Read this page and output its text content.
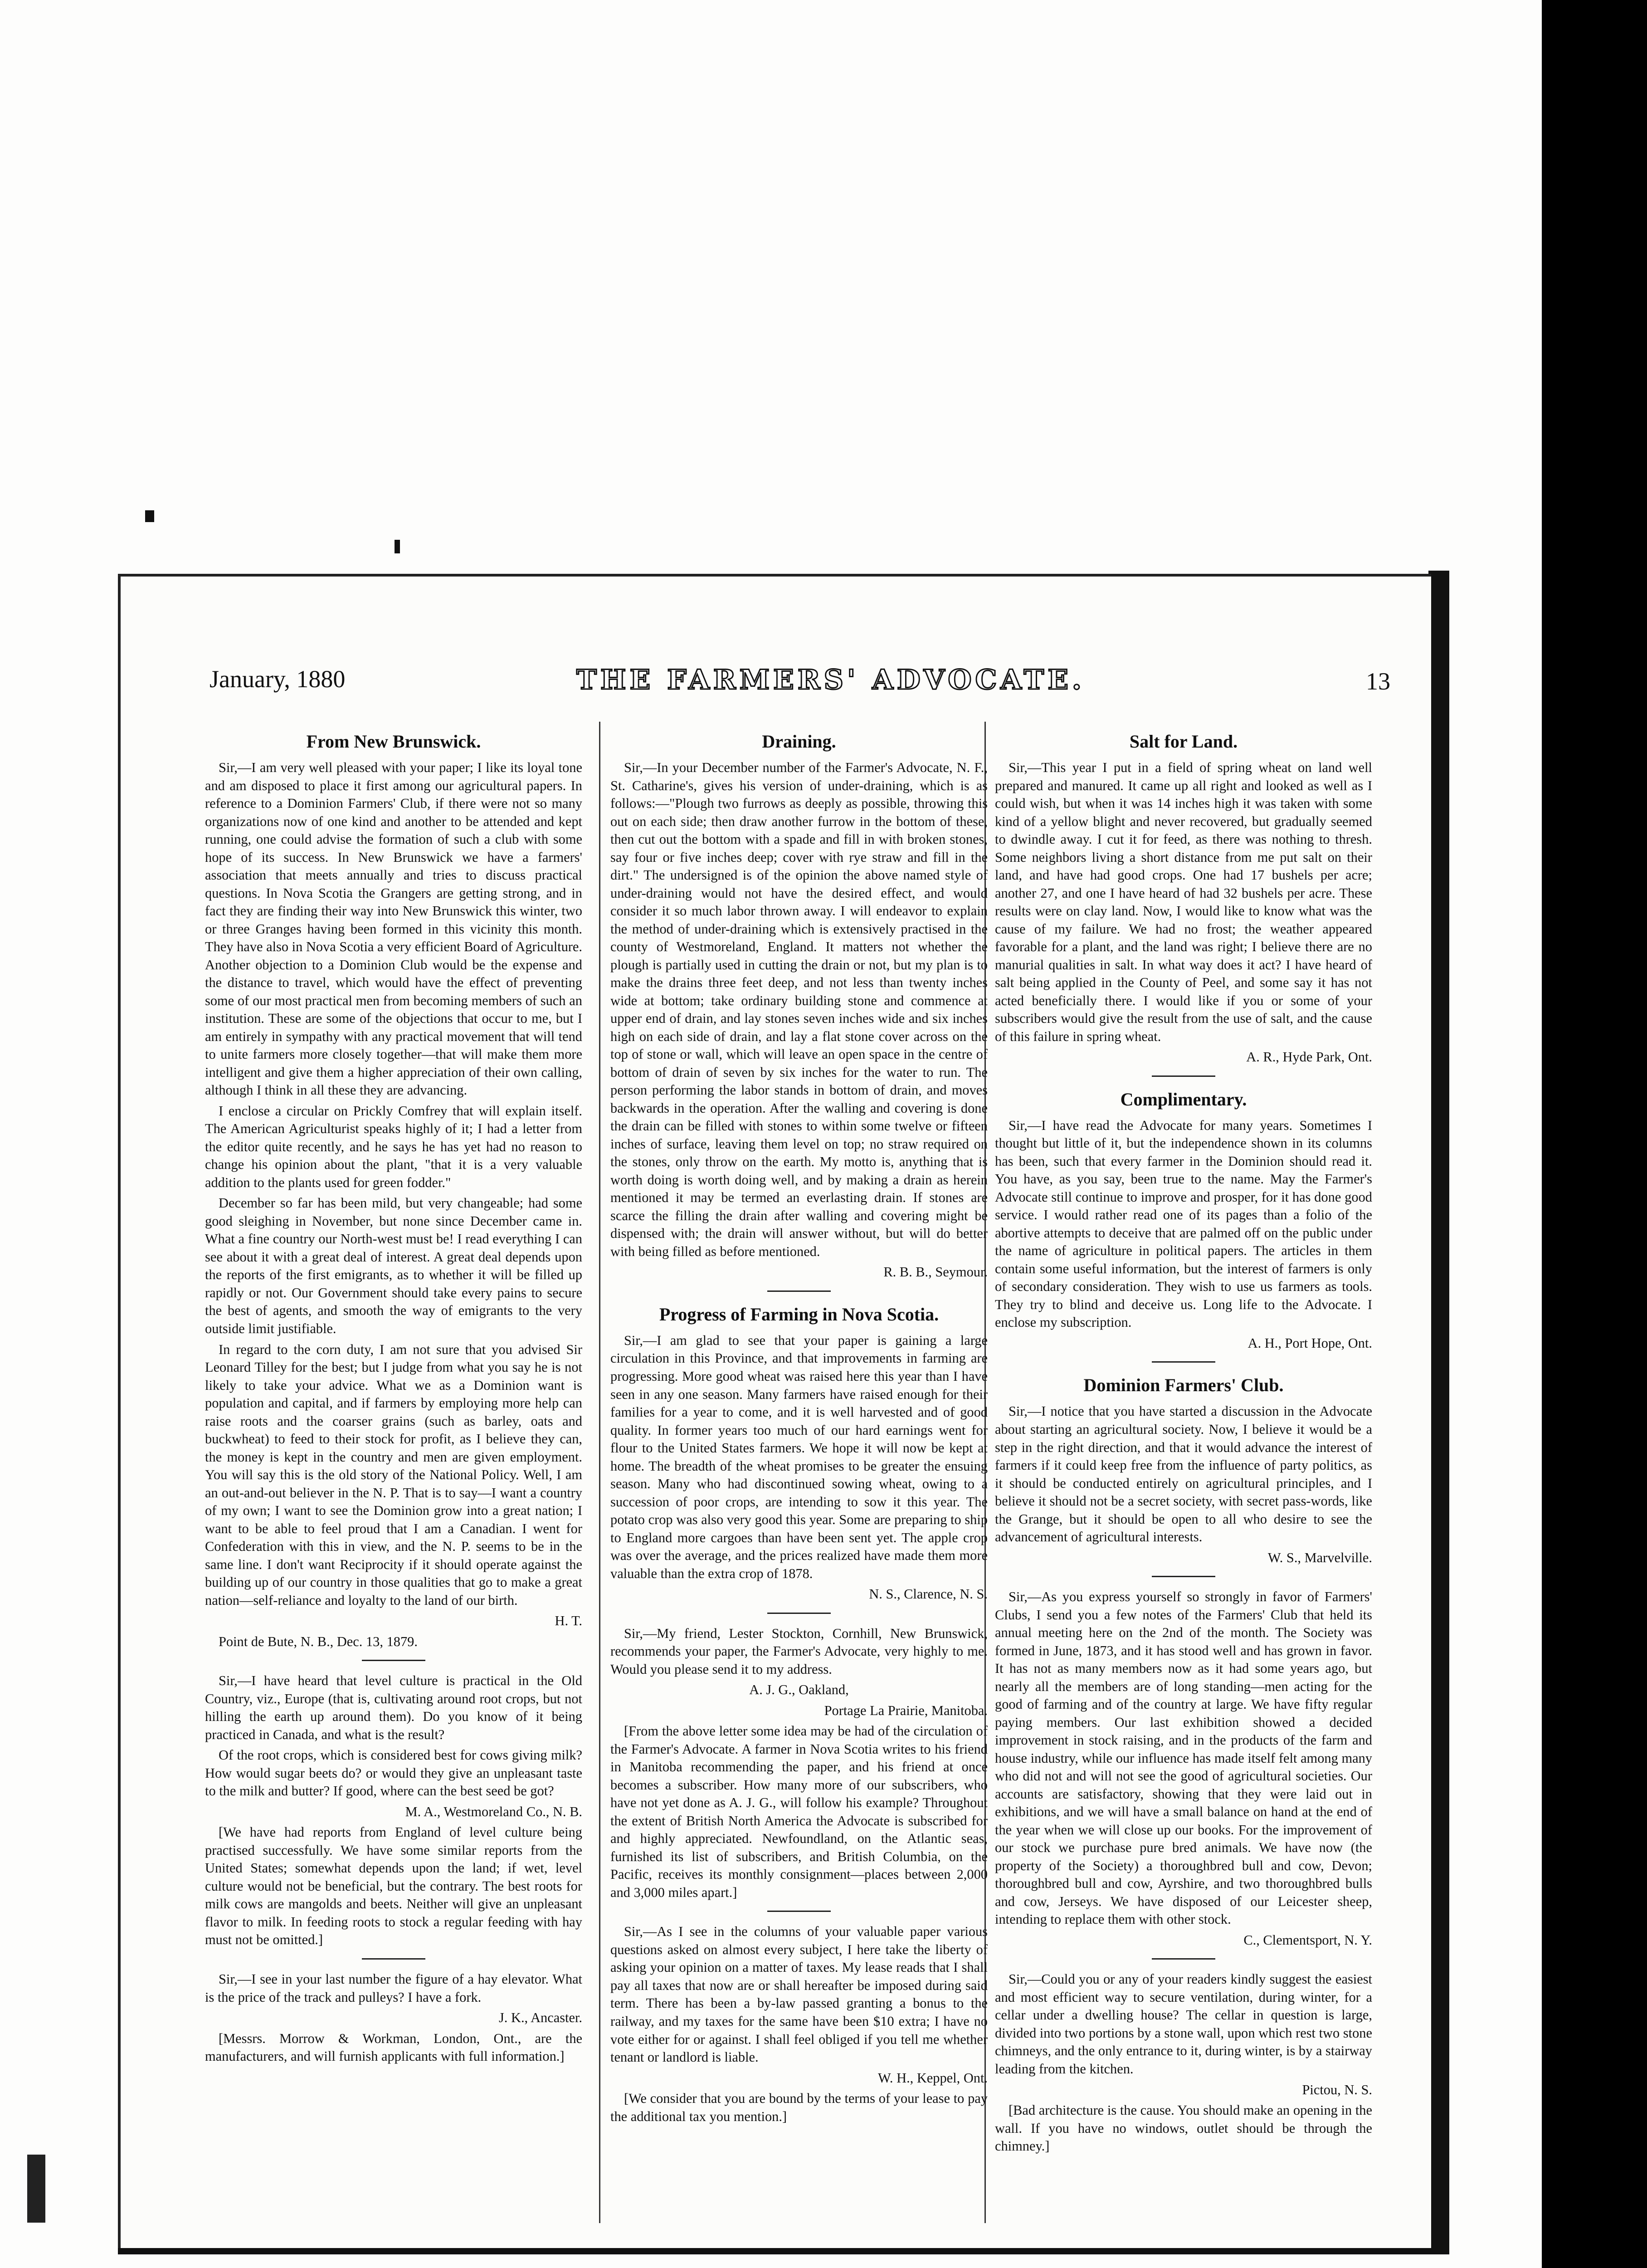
January, 1880	THE FARMERS' ADVOCATE.	13
From New Brunswick.

Sir,—I am very well pleased with your paper; I like its loyal tone and am disposed to place it first among our agricultural papers. In reference to a Dominion Farmers' Club, if there were not so many organizations now of one kind and another to be attended and kept running, one could advise the formation of such a club with some hope of its success. In New Brunswick we have a farmers' association that meets annually and tries to discuss practical questions. In Nova Scotia the Grangers are getting strong, and in fact they are finding their way into New Brunswick this winter, two or three Granges having been formed in this vicinity this month. They have also in Nova Scotia a very efficient Board of Agriculture. Another objection to a Dominion Club would be the expense and the distance to travel, which would have the effect of preventing some of our most practical men from becoming members of such an institution. These are some of the objections that occur to me, but I am entirely in sympathy with any practical movement that will tend to unite farmers more closely together—that will make them more intelligent and give them a higher appreciation of their own calling, although I think in all these they are advancing.

I enclose a circular on Prickly Comfrey that will explain itself. The American Agriculturist speaks highly of it; I had a letter from the editor quite recently, and he says he has yet had no reason to change his opinion about the plant, "that it is a very valuable addition to the plants used for green fodder."

December so far has been mild, but very changeable; had some good sleighing in November, but none since December came in. What a fine country our North-west must be! I read everything I can see about it with a great deal of interest. A great deal depends upon the reports of the first emigrants, as to whether it will be filled up rapidly or not. Our Government should take every pains to secure the best of agents, and smooth the way of emigrants to the very outside limit justifiable.

In regard to the corn duty, I am not sure that you advised Sir Leonard Tilley for the best; but I judge from what you say he is not likely to take your advice. What we as a Dominion want is population and capital, and if farmers by employing more help can raise roots and the coarser grains (such as barley, oats and buckwheat) to feed to their stock for profit, as I believe they can, the money is kept in the country and men are given employment. You will say this is the old story of the National Policy. Well, I am an out-and-out believer in the N. P. That is to say—I want a country of my own; I want to see the Dominion grow into a great nation; I want to be able to feel proud that I am a Canadian. I went for Confederation with this in view, and the N. P. seems to be in the same line. I don't want Reciprocity if it should operate against the building up of our country in those qualities that go to make a great nation—self-reliance and loyalty to the land of our birth.

H. T.
Point de Bute, N. B., Dec. 13, 1879.

Sir,—I have heard that level culture is practical in the Old Country, viz., Europe (that is, cultivating around root crops, but not hilling the earth up around them). Do you know of it being practiced in Canada, and what is the result?

Of the root crops, which is considered best for cows giving milk? How would sugar beets do? or would they give an unpleasant taste to the milk and butter? If good, where can the best seed be got?

M. A., Westmoreland Co., N. B.

[We have had reports from England of level culture being practised successfully. We have some similar reports from the United States; somewhat depends upon the land; if wet, level culture would not be beneficial, but the contrary. The best roots for milk cows are mangolds and beets. Neither will give an unpleasant flavor to milk. In feeding roots to stock a regular feeding with hay must not be omitted.]

Sir,—I see in your last number the figure of a hay elevator. What is the price of the track and pulleys? I have a fork.

J. K., Ancaster.

[Messrs. Morrow & Workman, London, Ont., are the manufacturers, and will furnish applicants with full information.]

Draining.

Sir,—In your December number of the Farmer's Advocate, N. F., St. Catharine's, gives his version of under-draining, which is as follows:—"Plough two furrows as deeply as possible, throwing this out on each side; then draw another furrow in the bottom of these, then cut out the bottom with a spade and fill in with broken stones, say four or five inches deep; cover with rye straw and fill in the dirt." The undersigned is of the opinion the above named style of under-draining would not have the desired effect, and would consider it so much labor thrown away. I will endeavor to explain the method of under-draining which is extensively practised in the county of Westmoreland, England. It matters not whether the plough is partially used in cutting the drain or not, but my plan is to make the drains three feet deep, and not less than twenty inches wide at bottom; take ordinary building stone and commence at upper end of drain, and lay stones seven inches wide and six inches high on each side of drain, and lay a flat stone cover across on the top of stone or wall, which will leave an open space in the centre of bottom of drain of seven by six inches for the water to run. The person performing the labor stands in bottom of drain, and moves backwards in the operation. After the walling and covering is done the drain can be filled with stones to within some twelve or fifteen inches of surface, leaving them level on top; no straw required on the stones, only throw on the earth. My motto is, anything that is worth doing is worth doing well, and by making a drain as herein mentioned it may be termed an everlasting drain. If stones are scarce the filling the drain after walling and covering might be dispensed with; the drain will answer without, but will do better with being filled as before mentioned.

R. B. B., Seymour.
Progress of Farming in Nova Scotia.

Sir,—I am glad to see that your paper is gaining a large circulation in this Province, and that improvements in farming are progressing. More good wheat was raised here this year than I have seen in any one season. Many farmers have raised enough for their families for a year to come, and it is well harvested and of good quality. In former years too much of our hard earnings went for flour to the United States farmers. We hope it will now be kept at home. The breadth of the wheat promises to be greater the ensuing season. Many who had discontinued sowing wheat, owing to a succession of poor crops, are intending to sow it this year. The potato crop was also very good this year. Some are preparing to ship to England more cargoes than have been sent yet. The apple crop was over the average, and the prices realized have made them more valuable than the extra crop of 1878.

N. S., Clarence, N. S.

Sir,—My friend, Lester Stockton, Cornhill, New Brunswick, recommends your paper, the Farmer's Advocate, very highly to me. Would you please send it to my address.

A. J. G., Oakland,
Portage La Prairie, Manitoba.

[From the above letter some idea may be had of the circulation of the Farmer's Advocate. A farmer in Nova Scotia writes to his friend in Manitoba recommending the paper, and his friend at once becomes a subscriber. How many more of our subscribers, who have not yet done as A. J. G., will follow his example? Throughout the extent of British North America the Advocate is subscribed for and highly appreciated. Newfoundland, on the Atlantic seas, furnished its list of subscribers, and British Columbia, on the Pacific, receives its monthly consignment—places between 2,000 and 3,000 miles apart.]

Sir,—As I see in the columns of your valuable paper various questions asked on almost every subject, I here take the liberty of asking your opinion on a matter of taxes. My lease reads that I shall pay all taxes that now are or shall hereafter be imposed during said term. There has been a by-law passed granting a bonus to the railway, and my taxes for the same have been $10 extra; I have no vote either for or against. I shall feel obliged if you tell me whether tenant or landlord is liable.

W. H., Keppel, Ont.

[We consider that you are bound by the terms of your lease to pay the additional tax you mention.]

Salt for Land.

Sir,—This year I put in a field of spring wheat on land well prepared and manured. It came up all right and looked as well as I could wish, but when it was 14 inches high it was taken with some kind of a yellow blight and never recovered, but gradually seemed to dwindle away. I cut it for feed, as there was nothing to thresh. Some neighbors living a short distance from me put salt on their land, and have had good crops. One had 17 bushels per acre; another 27, and one I have heard of had 32 bushels per acre. These results were on clay land. Now, I would like to know what was the cause of my failure. We had no frost; the weather appeared favorable for a plant, and the land was right; I believe there are no manurial qualities in salt. In what way does it act? I have heard of salt being applied in the County of Peel, and some say it has not acted beneficially there. I would like if you or some of your subscribers would give the result from the use of salt, and the cause of this failure in spring wheat.

A. R., Hyde Park, Ont.
Complimentary.

Sir,—I have read the Advocate for many years. Sometimes I thought but little of it, but the independence shown in its columns has been, such that every farmer in the Dominion should read it. You have, as you say, been true to the name. May the Farmer's Advocate still continue to improve and prosper, for it has done good service. I would rather read one of its pages than a folio of the abortive attempts to deceive that are palmed off on the public under the name of agriculture in political papers. The articles in them contain some useful information, but the interest of farmers is only of secondary consideration. They wish to use us farmers as tools. They try to blind and deceive us. Long life to the Advocate. I enclose my subscription.

A. H., Port Hope, Ont.
Dominion Farmers' Club.

Sir,—I notice that you have started a discussion in the Advocate about starting an agricultural society. Now, I believe it would be a step in the right direction, and that it would advance the interest of farmers if it could keep free from the influence of party politics, as it should be conducted entirely on agricultural principles, and I believe it should not be a secret society, with secret pass-words, like the Grange, but it should be open to all who desire to see the advancement of agricultural interests.

W. S., Marvelville.

Sir,—As you express yourself so strongly in favor of Farmers' Clubs, I send you a few notes of the Farmers' Club that held its annual meeting here on the 2nd of the month. The Society was formed in June, 1873, and it has stood well and has grown in favor. It has not as many members now as it had some years ago, but nearly all the members are of long standing—men acting for the good of farming and of the country at large. We have fifty regular paying members. Our last exhibition showed a decided improvement in stock raising, and in the products of the farm and house industry, while our influence has made itself felt among many who did not and will not see the good of agricultural societies. Our accounts are satisfactory, showing that they were laid out in exhibitions, and we will have a small balance on hand at the end of the year when we will close up our books. For the improvement of our stock we purchase pure bred animals. We have now (the property of the Society) a thoroughbred bull and cow, Devon; thoroughbred bull and cow, Ayrshire, and two thoroughbred bulls and cow, Jerseys. We have disposed of our Leicester sheep, intending to replace them with other stock.

C., Clementsport, N. Y.

Sir,—Could you or any of your readers kindly suggest the easiest and most efficient way to secure ventilation, during winter, for a cellar under a dwelling house? The cellar in question is large, divided into two portions by a stone wall, upon which rest two stone chimneys, and the only entrance to it, during winter, is by a stairway leading from the kitchen.

Pictou, N. S.

[Bad architecture is the cause. You should make an opening in the wall. If you have no windows, outlet should be through the chimney.]
